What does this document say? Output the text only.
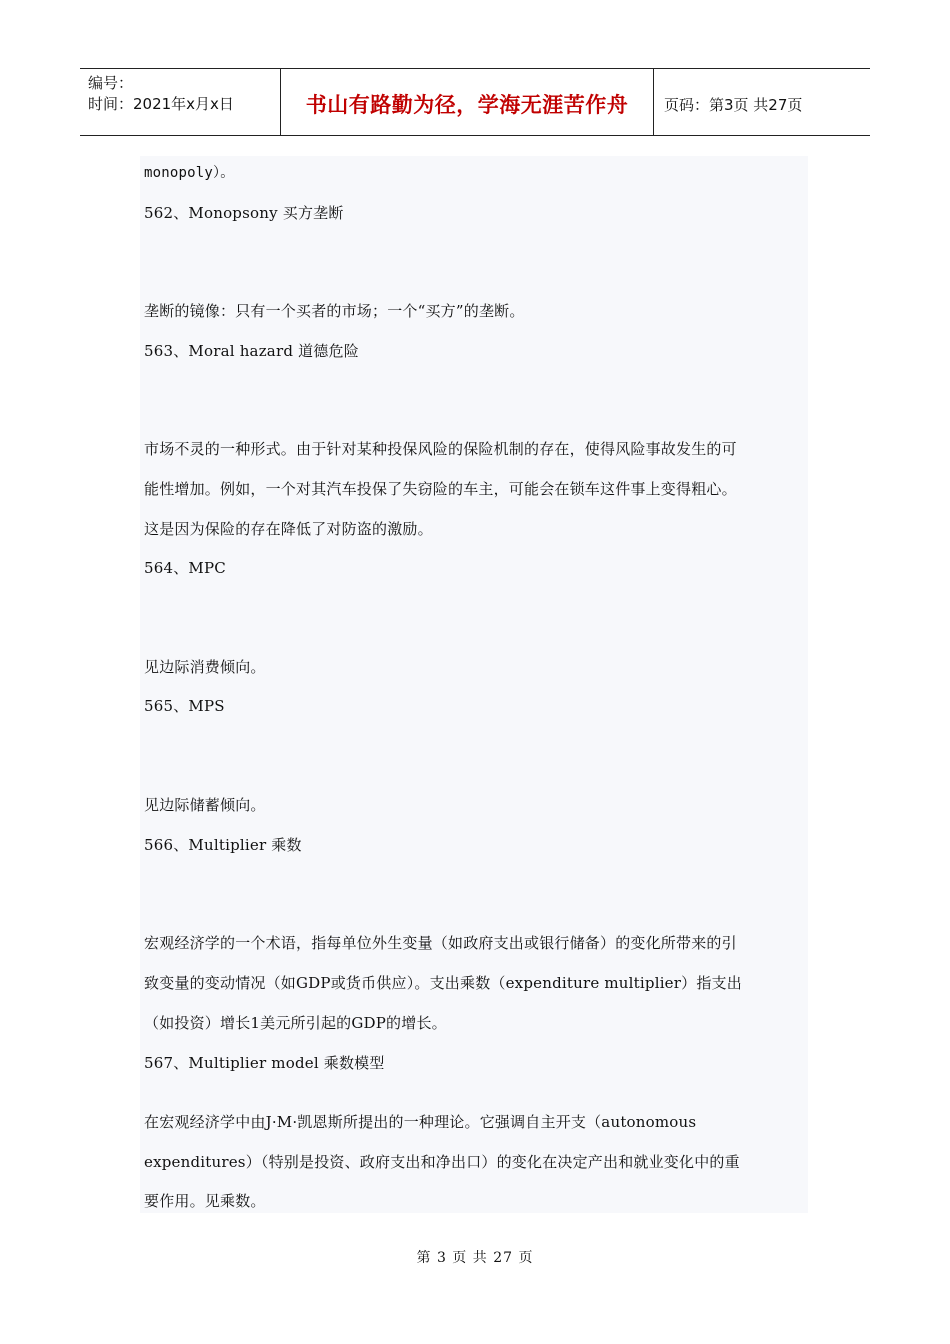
编号：
时间：2021年x月x日	书山有路勤为径，学海无涯苦作舟	页码：第3页 共27页
monopoly）。
562、Monopsony 买方垄断
垄断的镜像：只有一个买者的市场；一个“买方”的垄断。
563、Moral hazard 道德危险
市场不灵的一种形式。由于针对某种投保风险的保险机制的存在，使得风险事故发生的可
能性增加。例如，一个对其汽车投保了失窃险的车主，可能会在锁车这件事上变得粗心。
这是因为保险的存在降低了对防盗的激励。
564、MPC
见边际消费倾向。
565、MPS
见边际储蓄倾向。
566、Multiplier 乘数
宏观经济学的一个术语，指每单位外生变量（如政府支出或银行储备）的变化所带来的引
致变量的变动情况（如GDP或货币供应）。支出乘数（expenditure multiplier）指支出
（如投资）增长1美元所引起的GDP的增长。
567、Multiplier model 乘数模型
在宏观经济学中由J·M·凯恩斯所提出的一种理论。它强调自主开支（autonomous
expenditures）（特别是投资、政府支出和净出口）的变化在决定产出和就业变化中的重
要作用。见乘数。
第 3 页 共 27 页
